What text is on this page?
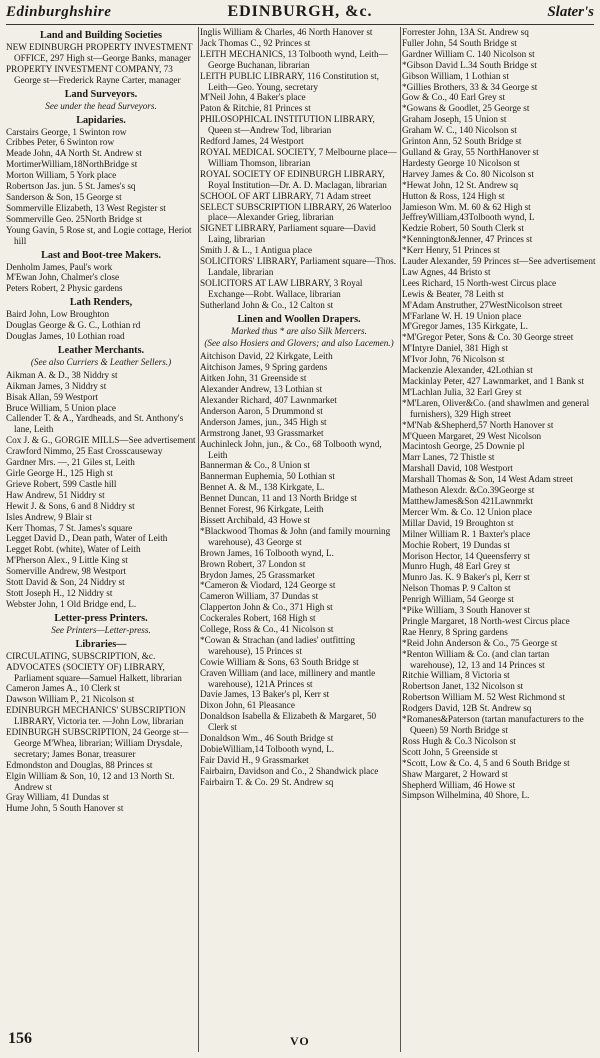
Edinburghshire	EDINBURGH, &c.	Slater's
Land and Building Societies
NEW EDINBURGH PROPERTY INVESTMENT OFFICE, 297 High st—George Banks, manager
PROPERTY INVESTMENT COMPANY, 73 George st—Frederick Rayne Carter, manager
Land Surveyors.
See under the head Surveyors.
Lapidaries.
Carstairs George, 1 Swinton row
Cribbes Peter, 6 Swinton row
Meade John, 4A North St. Andrew st
MortimerWilliam,18NorthBridge st
Morton William, 5 York place
Robertson Jas. jun. 5 St. James's sq
Sanderson & Son, 15 George st
Sommerville Elizabeth, 13 West Register st
Sommerville Geo. 25North Bridge st
Young Gavin, 5 Rose st, and Logie cottage, Heriot hill
Last and Boot-tree Makers.
Denholm James, Paul's work
M'Ewan John, Chalmer's close
Peters Robert, 2 Physic gardens
Lath Renders,
Baird John, Low Broughton
Douglas George & G. C., Lothian rd
Douglas James, 10 Lothian road
Leather Merchants.
(See also Curriers & Leather Sellers.)
Aikman A. & D., 38 Niddry st
Aikman James, 3 Niddry st
Bisak Allan, 59 Westport
Bruce William, 5 Union place
Callender T. & A., Yardheads, and St. Anthony's lane, Leith
Cox J. & G., GORGIE MILLS—See advertisement
Crawford Nimmo, 25 East Crosscauseway
Gardner Mrs. —, 21 Giles st, Leith
Girle George H., 125 High st
Grieve Robert, 599 Castle hill
Haw Andrew, 51 Niddry st
Hewit J. & Sons, 6 and 8 Niddry st
Isles Andrew, 9 Blair st
Kerr Thomas, 7 St. James's square
Legget David D., Dean path, Water of Leith
Legget Robt. (white), Water of Leith
M'Pherson Alex., 9 Little King st
Somerville Andrew, 98 Westport
Stott David & Son, 24 Niddry st
Stott Joseph H., 12 Niddry st
Webster John, 1 Old Bridge end, L.
Letter-press Printers.
See Printers—Letter-press.
Libraries—
CIRCULATING, SUBSCRIPTION, &c.
ADVOCATES (SOCIETY OF) LIBRARY, Parliament square—Samuel Halkett, librarian
Cameron James A., 10 Clerk st
Dawson William P., 21 Nicolson st
EDINBURGH MECHANICS' SUBSCRIPTION LIBRARY, Victoria ter. —John Low, librarian
EDINBURGH SUBSCRIPTION, 24 George st—George M'Whea, librarian; William Drysdale, secretary; James Bonar, treasurer
Edmondston and Douglas, 88 Princes st
Elgin William & Son, 10, 12 and 13 North St. Andrew st
Gray William, 41 Dundas st
Hume John, 5 South Hanover st
Inglis William & Charles, 46 North Hanover st
Jack Thomas C., 92 Princes st
LEITH MECHANICS, 13 Tolbooth wynd, Leith—George Buchanan, librarian
LEITH PUBLIC LIBRARY, 116 Constitution st, Leith—Geo. Young, secretary
M'Neil John, 4 Baker's place
Paton & Ritchie, 81 Princes st
PHILOSOPHICAL INSTITUTION LIBRARY, Queen st—Andrew Tod, librarian
Redford James, 24 Westport
ROYAL MEDICAL SOCIETY, 7 Melbourne place—William Thomson, librarian
ROYAL SOCIETY OF EDINBURGH LIBRARY, Royal Institution—Dr. A. D. Maclagan, librarian
SCHOOL OF ART LIBRARY, 71 Adam street
SELECT SUBSCRIPTION LIBRARY, 26 Waterloo place—Alexander Grieg, librarian
SIGNET LIBRARY, Parliament square—David Laing, librarian
Smith J. & L., 1 Antigua place
SOLICITORS' LIBRARY, Parliament square—Thos. Landale, librarian
SOLICITORS AT LAW LIBRARY, 3 Royal Exchange—Robt. Wallace, librarian
Sutherland John & Co., 12 Calton st
Linen and Woollen Drapers.
Marked thus * are also Silk Mercers.
(See also Hosiers and Glovers; and also Lacemen.)
Aitchison David, 22 Kirkgate, Leith
Aitchison James, 9 Spring gardens
Aitken John, 31 Greenside st
Alexander Andrew, 13 Lothian st
Alexander Richard, 407 Lawnmarket
Anderson Aaron, 5 Drummond st
Anderson James, jun., 345 High st
Armstrong Janet, 93 Grassmarket
Auchinleck John, jun., & Co., 68 Tolbooth wynd, Leith
Bannerman & Co., 8 Union st
Bannerman Euphemia, 50 Lothian st
Bennet A. & M., 138 Kirkgate, L.
Bennet Duncan, 11 and 13 North Bridge st
Bennet Forest, 96 Kirkgate, Leith
Bissett Archibald, 43 Howe st
*Blackwood Thomas & John (and family mourning warehouse), 43 George st
Brown James, 16 Tolbooth wynd, L.
Brown Robert, 37 London st
Brydon James, 25 Grassmarket
*Cameron & Viodard, 124 George st
Cameron William, 37 Dundas st
Clapperton John & Co., 371 High st
Cockerales Robert, 168 High st
College, Ross & Co., 41 Nicolson st
*Cowan & Strachan (and ladies' outfitting warehouse), 15 Princes st
Cowie William & Sons, 63 South Bridge st
Craven William (and lace, millinery and mantle warehouse), 121A Princes st
Davie James, 13 Baker's pl, Kerr st
Dixon John, 61 Pleasance
Donaldson Isabella & Elizabeth & Margaret, 50 Clerk st
Donaldson Wm., 46 South Bridge st
DobieWilliam,14 Tolbooth wynd, L.
Fair David H., 9 Grassmarket
Fairbairn, Davidson and Co., 2 Shandwick place
Fairbairn T. & Co. 29 St. Andrew sq
Forrester John, 13A St. Andrew sq
Fuller John, 54 South Bridge st
Gardner William C. 140 Nicolson st
*Gibson David L.34 South Bridge st
Gibson William, 1 Lothian st
*Gillies Brothers, 33 & 34 George st
Gow & Co., 40 Earl Grey st
*Gowans & Goodlet, 25 George st
Graham Joseph, 15 Union st
Graham W. C., 140 Nicolson st
Grinton Ann, 52 South Bridge st
Gulland & Gray, 55 NorthHanover st
Hardesty George 10 Nicolson st
Harvey James & Co. 80 Nicolson st
*Hewat John, 12 St. Andrew sq
Hutton & Ross, 124 High st
Jamieson Wm. M. 60 & 62 High st
JeffreyWilliam,43Tolbooth wynd, L
Kedzie Robert, 50 South Clerk st
*Kennington&Jenner, 47 Princes st
*Kerr Henry, 51 Princes st
Lauder Alexander, 59 Princes st—See advertisement
Law Agnes, 44 Bristo st
Lees Richard, 15 North-west Circus place
Lewis & Beater, 78 Leith st
M'Adam Anstruther, 27WestNicolson street
M'Farlane W. H. 19 Union place
M'Gregor James, 135 Kirkgate, L.
*M'Gregor Peter, Sons & Co. 30 George street
M'Intyre Daniel, 381 High st
M'Ivor John, 76 Nicolson st
Mackenzie Alexander, 42Lothian st
Mackinlay Peter, 427 Lawnmarket, and 1 Bank st
M'Lachlan Julia, 32 Earl Grey st
*M'Laren, Oliver&Co. (and shawlmen and general furnishers), 329 High street
*M'Nab &Shepherd,57 North Hanover st
M'Queen Margaret, 29 West Nicolson
Macintosh George, 25 Downie pl
Marr Lanes, 72 Thistle st
Marshall David, 108 Westport
Marshall Thomas & Son, 14 West Adam street
Matheson Alexdr. &Co.39George st
MatthewJames&Son 421Lawnmrkt
Mercer Wm. & Co. 12 Union place
Millar David, 19 Broughton st
Milner William R. 1 Baxter's place
Mochie Robert, 19 Dundas st
Morison Hector, 14 Queensferry st
Munro Hugh, 48 Earl Grey st
Munro Jas. K. 9 Baker's pl, Kerr st
Nelson Thomas P. 9 Calton st
Penrigh William, 54 George st
*Pike William, 3 South Hanover st
Pringle Margaret, 18 North-west Circus place
Rae Henry, 8 Spring gardens
*Reid John Anderson & Co., 75 George st
*Renton William & Co. (and clan tartan warehouse), 12, 13 and 14 Princes st
Ritchie William, 8 Victoria st
Robertson Janet, 132 Nicolson st
Robertson William M. 52 West Richmond st
Rodgers David, 12B St. Andrew sq
*Romanes&Paterson (tartan manufacturers to the Queen) 59 North Bridge st
Ross Hugh & Co.3 Nicolson st
Scott John, 5 Greenside st
*Scott, Low & Co. 4, 5 and 6 South Bridge st
Shaw Margaret, 2 Howard st
Shepherd William, 46 Howe st
Simpson Wilhelmina, 40 Shore, L.
156	VO
